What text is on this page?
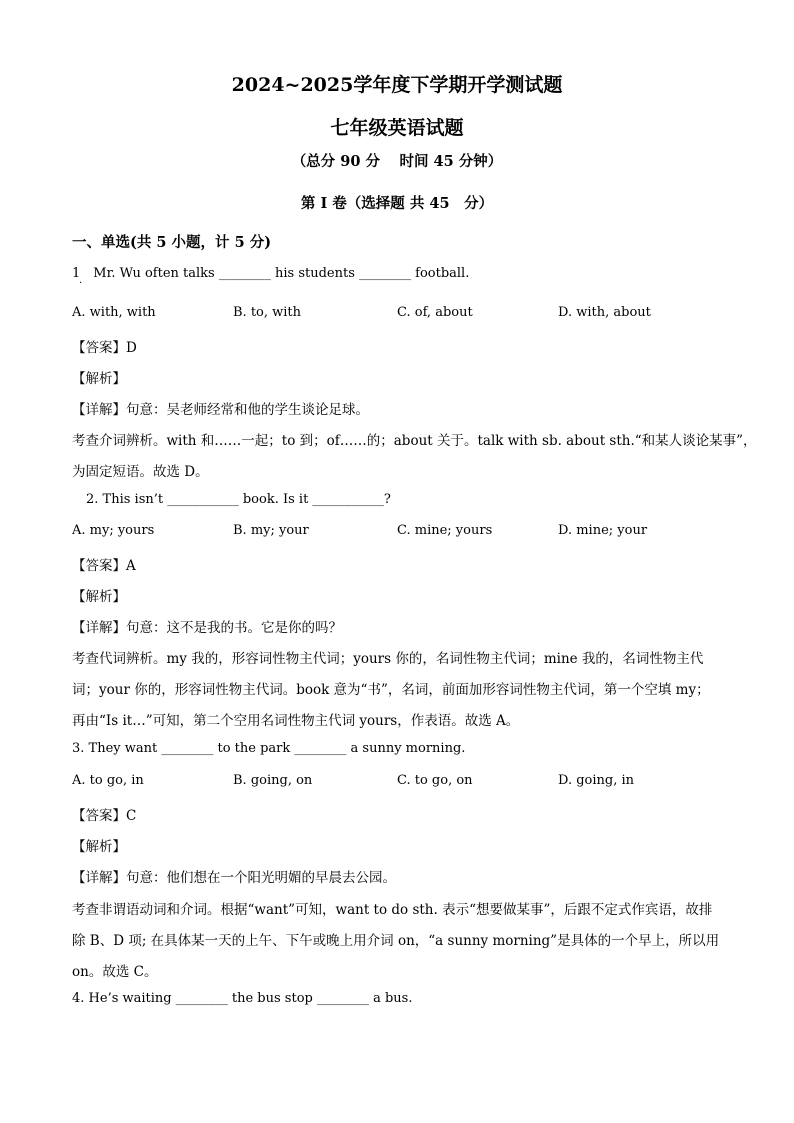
2024~2025学年度下学期开学测试题
七年级英语试题
（总分 90 分　 时间 45 分钟）
第 I 卷（选择题 共 45　分）
一、单选(共 5 小题，计 5 分)
1　Mr. Wu often talks ________ his students ________ football.
·
A. with, with	B. to, with	C. of, about	D. with, about
【答案】D
【解析】
【详解】句意：吴老师经常和他的学生谈论足球。
考查介词辨析。with 和……一起；to 到；of……的；about 关于。talk with sb. about sth.“和某人谈论某事”，
为固定短语。故选 D。
2. This isn’t ___________ book. Is it ___________?
A. my; yours	B. my; your	C. mine; yours	D. mine; your
【答案】A
【解析】
【详解】句意：这不是我的书。它是你的吗？
考查代词辨析。my 我的，形容词性物主代词；yours 你的，名词性物主代词；mine 我的，名词性物主代
词；your 你的，形容词性物主代词。book 意为“书”，名词，前面加形容词性物主代词，第一个空填 my；
再由“Is it…”可知，第二个空用名词性物主代词 yours，作表语。故选 A。
3. They want ________ to the park ________ a sunny morning.
A. to go, in	B. going, on	C. to go, on	D. going, in
【答案】C
【解析】
【详解】句意：他们想在一个阳光明媚的早晨去公园。
考查非谓语动词和介词。根据“want”可知，want to do sth. 表示“想要做某事”，后跟不定式作宾语，故排
除 B、D 项; 在具体某一天的上午、下午或晚上用介词 on，“a sunny morning”是具体的一个早上，所以用
on。故选 C。
4. He’s waiting ________ the bus stop ________ a bus.
